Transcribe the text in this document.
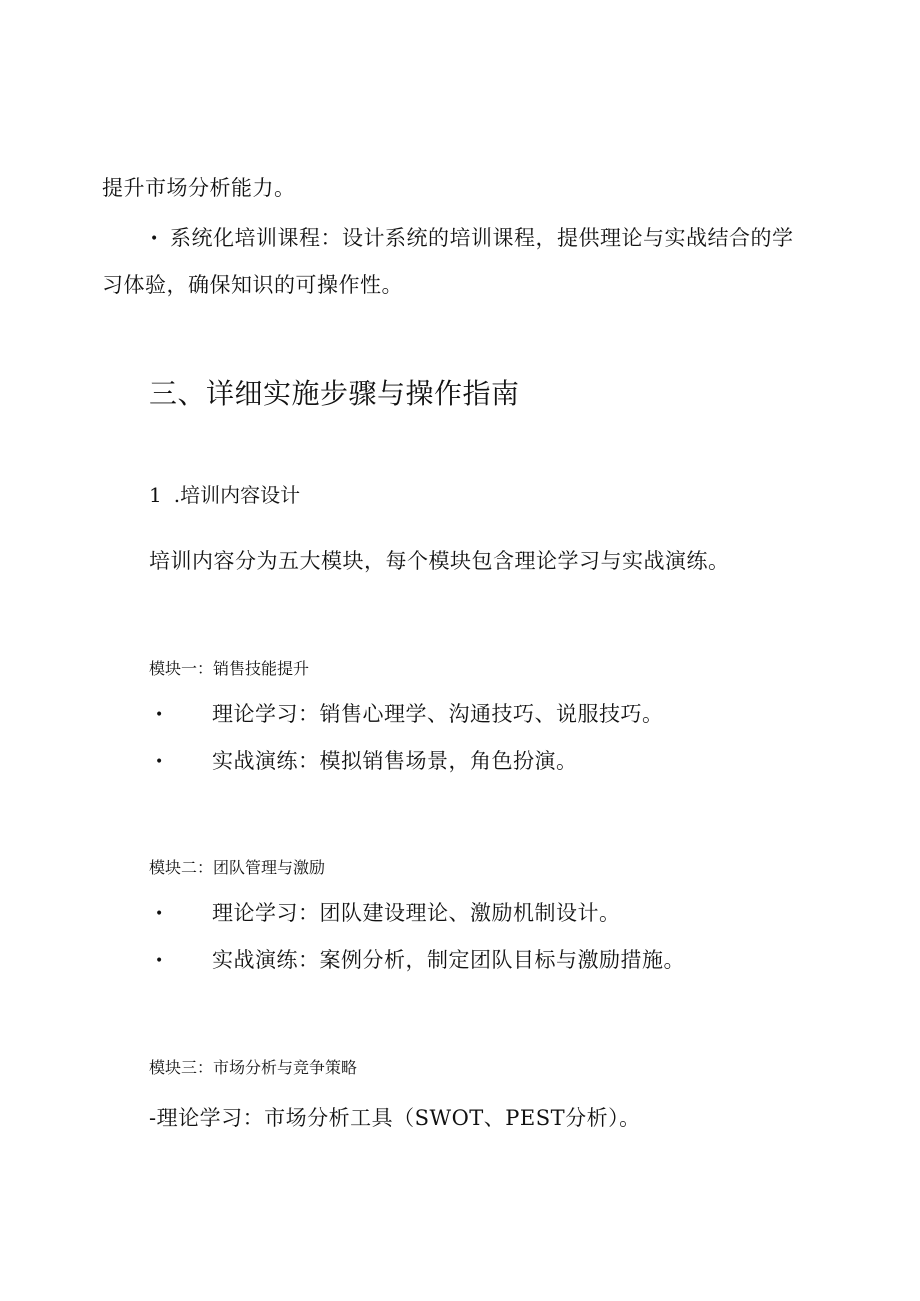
提升市场分析能力。
• 系统化培训课程：设计系统的培训课程，提供理论与实战结合的学
习体验，确保知识的可操作性。
三、详细实施步骤与操作指南
1 .培训内容设计
培训内容分为五大模块，每个模块包含理论学习与实战演练。
模块一：销售技能提升
• 理论学习：销售心理学、沟通技巧、说服技巧。
• 实战演练：模拟销售场景，角色扮演。
模块二：团队管理与激励
• 理论学习：团队建设理论、激励机制设计。
• 实战演练：案例分析，制定团队目标与激励措施。
模块三：市场分析与竞争策略
-理论学习：市场分析工具（SWOT、PEST分析）。
